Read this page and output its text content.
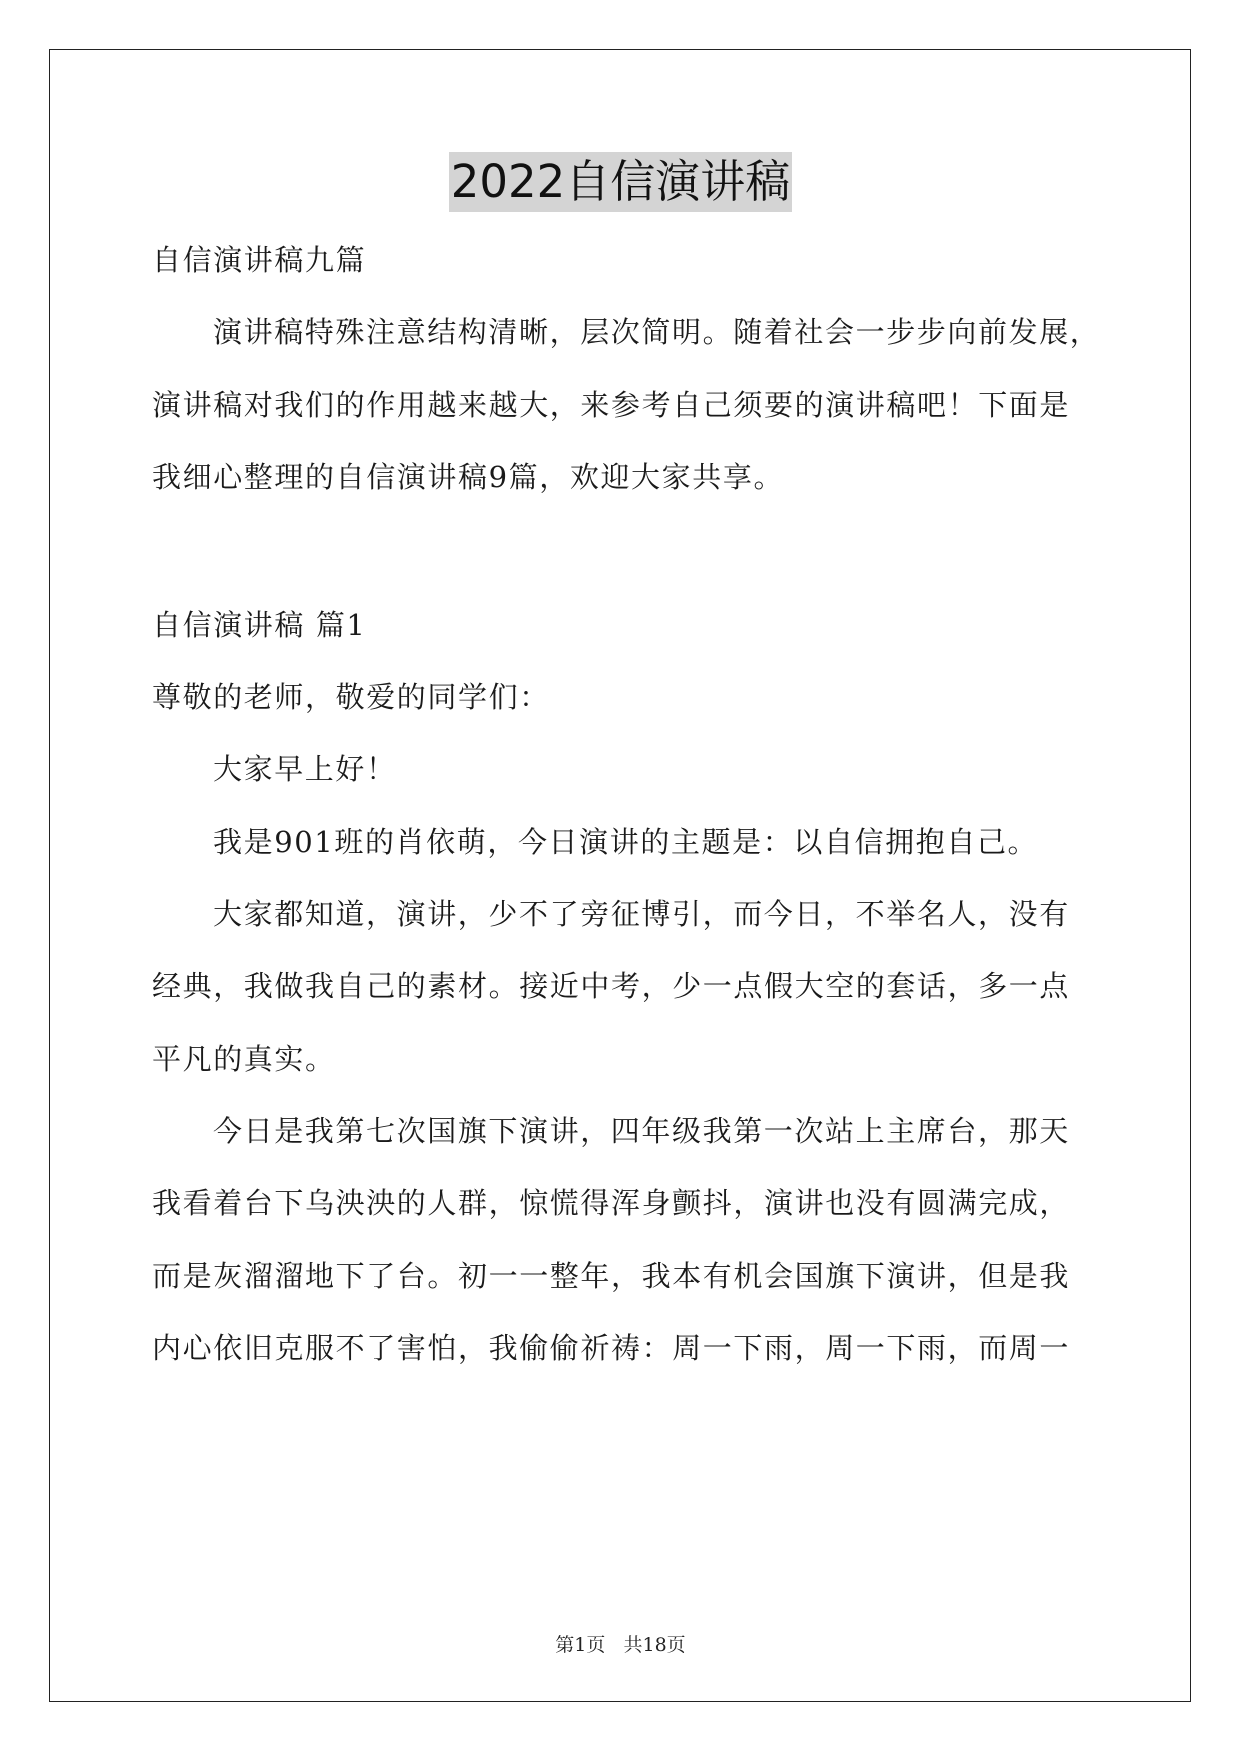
2022自信演讲稿
自信演讲稿九篇
演讲稿特殊注意结构清晰，层次简明。随着社会一步步向前发展，
演讲稿对我们的作用越来越大，来参考自己须要的演讲稿吧！下面是
我细心整理的自信演讲稿9篇，欢迎大家共享。
自信演讲稿 篇1
尊敬的老师，敬爱的同学们：
大家早上好！
我是901班的肖依萌，今日演讲的主题是：以自信拥抱自己。
大家都知道，演讲，少不了旁征博引，而今日，不举名人，没有
经典，我做我自己的素材。接近中考，少一点假大空的套话，多一点
平凡的真实。
今日是我第七次国旗下演讲，四年级我第一次站上主席台，那天
我看着台下乌泱泱的人群，惊慌得浑身颤抖，演讲也没有圆满完成，
而是灰溜溜地下了台。初一一整年，我本有机会国旗下演讲，但是我
内心依旧克服不了害怕，我偷偷祈祷：周一下雨，周一下雨，而周一
第1页   共18页
